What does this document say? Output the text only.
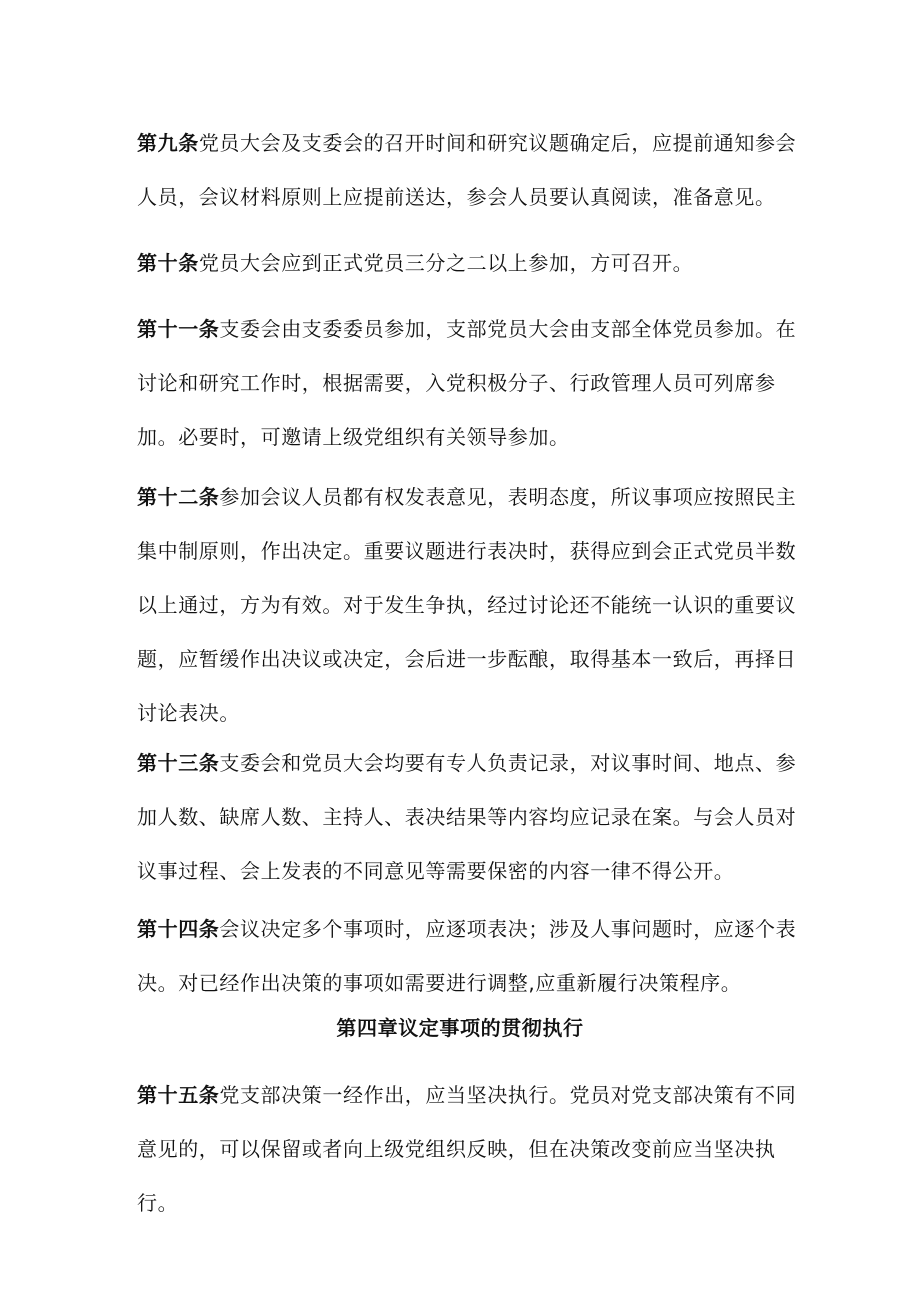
第九条党员大会及支委会的召开时间和研究议题确定后，应提前通知参会人员，会议材料原则上应提前送达，参会人员要认真阅读，准备意见。

第十条党员大会应到正式党员三分之二以上参加，方可召开。

第十一条支委会由支委委员参加，支部党员大会由支部全体党员参加。在讨论和研究工作时，根据需要，入党积极分子、行政管理人员可列席参加。必要时，可邀请上级党组织有关领导参加。

第十二条参加会议人员都有权发表意见，表明态度，所议事项应按照民主集中制原则，作出决定。重要议题进行表决时，获得应到会正式党员半数以上通过，方为有效。对于发生争执，经过讨论还不能统一认识的重要议题，应暂缓作出决议或决定，会后进一步酝酿，取得基本一致后，再择日讨论表决。

第十三条支委会和党员大会均要有专人负责记录，对议事时间、地点、参加人数、缺席人数、主持人、表决结果等内容均应记录在案。与会人员对议事过程、会上发表的不同意见等需要保密的内容一律不得公开。

第十四条会议决定多个事项时，应逐项表决；涉及人事问题时，应逐个表决。对已经作出决策的事项如需要进行调整,应重新履行决策程序。

第四章议定事项的贯彻执行

第十五条党支部决策一经作出，应当坚决执行。党员对党支部决策有不同意见的，可以保留或者向上级党组织反映，但在决策改变前应当坚决执行。
